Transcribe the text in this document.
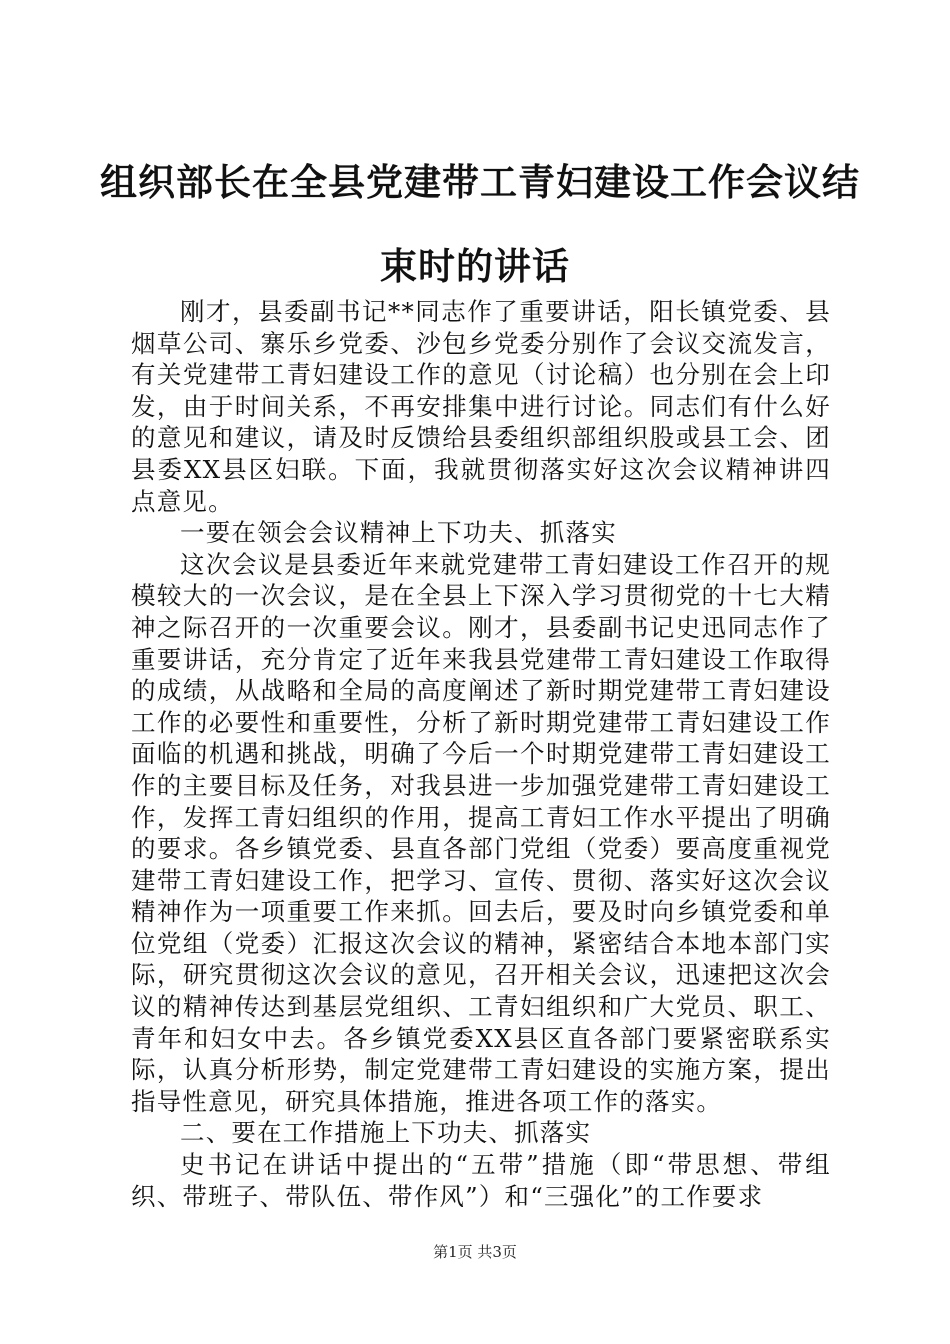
组织部长在全县党建带工青妇建设工作会议结
束时的讲话

刚才，县委副书记**同志作了重要讲话，阳长镇党委、县烟草公司、寨乐乡党委、沙包乡党委分别作了会议交流发言，有关党建带工青妇建设工作的意见（讨论稿）也分别在会上印发，由于时间关系，不再安排集中进行讨论。同志们有什么好的意见和建议，请及时反馈给县委组织部组织股或县工会、团县委XX县区妇联。下面，我就贯彻落实好这次会议精神讲四点意见。

一要在领会会议精神上下功夫、抓落实

这次会议是县委近年来就党建带工青妇建设工作召开的规模较大的一次会议，是在全县上下深入学习贯彻党的十七大精神之际召开的一次重要会议。刚才，县委副书记史迅同志作了重要讲话，充分肯定了近年来我县党建带工青妇建设工作取得的成绩，从战略和全局的高度阐述了新时期党建带工青妇建设工作的必要性和重要性，分析了新时期党建带工青妇建设工作面临的机遇和挑战，明确了今后一个时期党建带工青妇建设工作的主要目标及任务，对我县进一步加强党建带工青妇建设工作，发挥工青妇组织的作用，提高工青妇工作水平提出了明确的要求。各乡镇党委、县直各部门党组（党委）要高度重视党建带工青妇建设工作，把学习、宣传、贯彻、落实好这次会议精神作为一项重要工作来抓。回去后，要及时向乡镇党委和单位党组（党委）汇报这次会议的精神，紧密结合本地本部门实际，研究贯彻这次会议的意见，召开相关会议，迅速把这次会议的精神传达到基层党组织、工青妇组织和广大党员、职工、青年和妇女中去。各乡镇党委XX县区直各部门要紧密联系实际，认真分析形势，制定党建带工青妇建设的实施方案，提出指导性意见，研究具体措施，推进各项工作的落实。

二、要在工作措施上下功夫、抓落实

史书记在讲话中提出的“五带”措施（即“带思想、带组织、带班子、带队伍、带作风”）和“三强化”的工作要求

第1页 共3页
